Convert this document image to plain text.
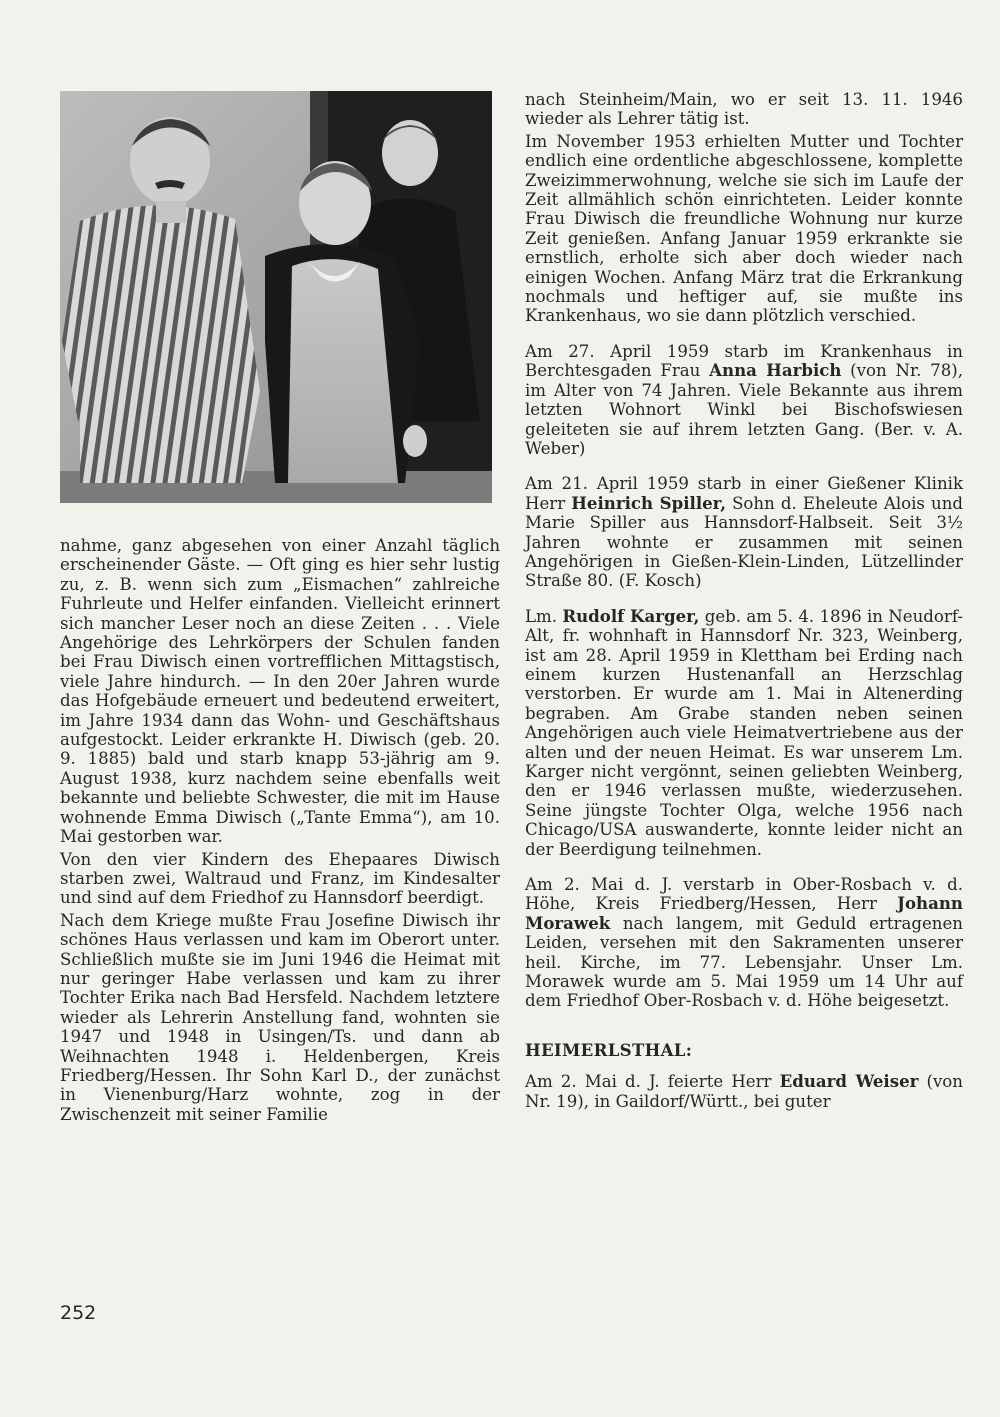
nahme, ganz abgesehen von einer Anzahl täglich erscheinender Gäste. — Oft ging es hier sehr lustig zu, z. B. wenn sich zum „Eismachen“ zahlreiche Fuhrleute und Helfer einfanden. Vielleicht erinnert sich mancher Leser noch an diese Zeiten . . . Viele Angehörige des Lehrkörpers der Schulen fanden bei Frau Diwisch einen vortrefflichen Mittagstisch, viele Jahre hindurch. — In den 20er Jahren wurde das Hofgebäude erneuert und bedeutend erweitert, im Jahre 1934 dann das Wohn- und Geschäftshaus aufgestockt. Leider erkrankte H. Diwisch (geb. 20. 9. 1885) bald und starb knapp 53-jährig am 9. August 1938, kurz nachdem seine ebenfalls weit bekannte und beliebte Schwester, die mit im Hause wohnende Emma Diwisch („Tante Emma“), am 10. Mai gestorben war.

Von den vier Kindern des Ehepaares Diwisch starben zwei, Waltraud und Franz, im Kindesalter und sind auf dem Friedhof zu Hannsdorf beerdigt.

Nach dem Kriege mußte Frau Josefine Diwisch ihr schönes Haus verlassen und kam im Oberort unter. Schließlich mußte sie im Juni 1946 die Heimat mit nur geringer Habe verlassen und kam zu ihrer Tochter Erika nach Bad Hersfeld. Nachdem letztere wieder als Lehrerin Anstellung fand, wohnten sie 1947 und 1948 in Usingen/Ts. und dann ab Weihnachten 1948 i. Heldenbergen, Kreis Friedberg/Hessen. Ihr Sohn Karl D., der zunächst in Vienenburg/Harz wohnte, zog in der Zwischenzeit mit seiner Familie

nach Steinheim/Main, wo er seit 13. 11. 1946 wieder als Lehrer tätig ist.

Im November 1953 erhielten Mutter und Tochter endlich eine ordentliche abgeschlossene, komplette Zweizimmerwohnung, welche sie sich im Laufe der Zeit allmählich schön einrichteten. Leider konnte Frau Diwisch die freundliche Wohnung nur kurze Zeit genießen. Anfang Januar 1959 erkrankte sie ernstlich, erholte sich aber doch wieder nach einigen Wochen. Anfang März trat die Erkrankung nochmals und heftiger auf, sie mußte ins Krankenhaus, wo sie dann plötzlich verschied.

Am 27. April 1959 starb im Krankenhaus in Berchtesgaden Frau Anna Harbich (von Nr. 78), im Alter von 74 Jahren. Viele Bekannte aus ihrem letzten Wohnort Winkl bei Bischofswiesen geleiteten sie auf ihrem letzten Gang. (Ber. v. A. Weber)

Am 21. April 1959 starb in einer Gießener Klinik Herr Heinrich Spiller, Sohn d. Eheleute Alois und Marie Spiller aus Hannsdorf-Halbseit. Seit 3½ Jahren wohnte er zusammen mit seinen Angehörigen in Gießen-Klein-Linden, Lützellinder Straße 80. (F. Kosch)

Lm. Rudolf Karger, geb. am 5. 4. 1896 in Neudorf-Alt, fr. wohnhaft in Hannsdorf Nr. 323, Weinberg, ist am 28. April 1959 in Klettham bei Erding nach einem kurzen Hustenanfall an Herzschlag verstorben. Er wurde am 1. Mai in Altenerding begraben. Am Grabe standen neben seinen Angehörigen auch viele Heimatvertriebene aus der alten und der neuen Heimat. Es war unserem Lm. Karger nicht vergönnt, seinen geliebten Weinberg, den er 1946 verlassen mußte, wiederzusehen. Seine jüngste Tochter Olga, welche 1956 nach Chicago/USA auswanderte, konnte leider nicht an der Beerdigung teilnehmen.

Am 2. Mai d. J. verstarb in Ober-Rosbach v. d. Höhe, Kreis Friedberg/Hessen, Herr Johann Morawek nach langem, mit Geduld ertragenen Leiden, versehen mit den Sakramenten unserer heil. Kirche, im 77. Lebensjahr. Unser Lm. Morawek wurde am 5. Mai 1959 um 14 Uhr auf dem Friedhof Ober-Rosbach v. d. Höhe beigesetzt.

HEIMERLSTHAL:

Am 2. Mai d. J. feierte Herr Eduard Weiser (von Nr. 19), in Gaildorf/Württ., bei guter

252
